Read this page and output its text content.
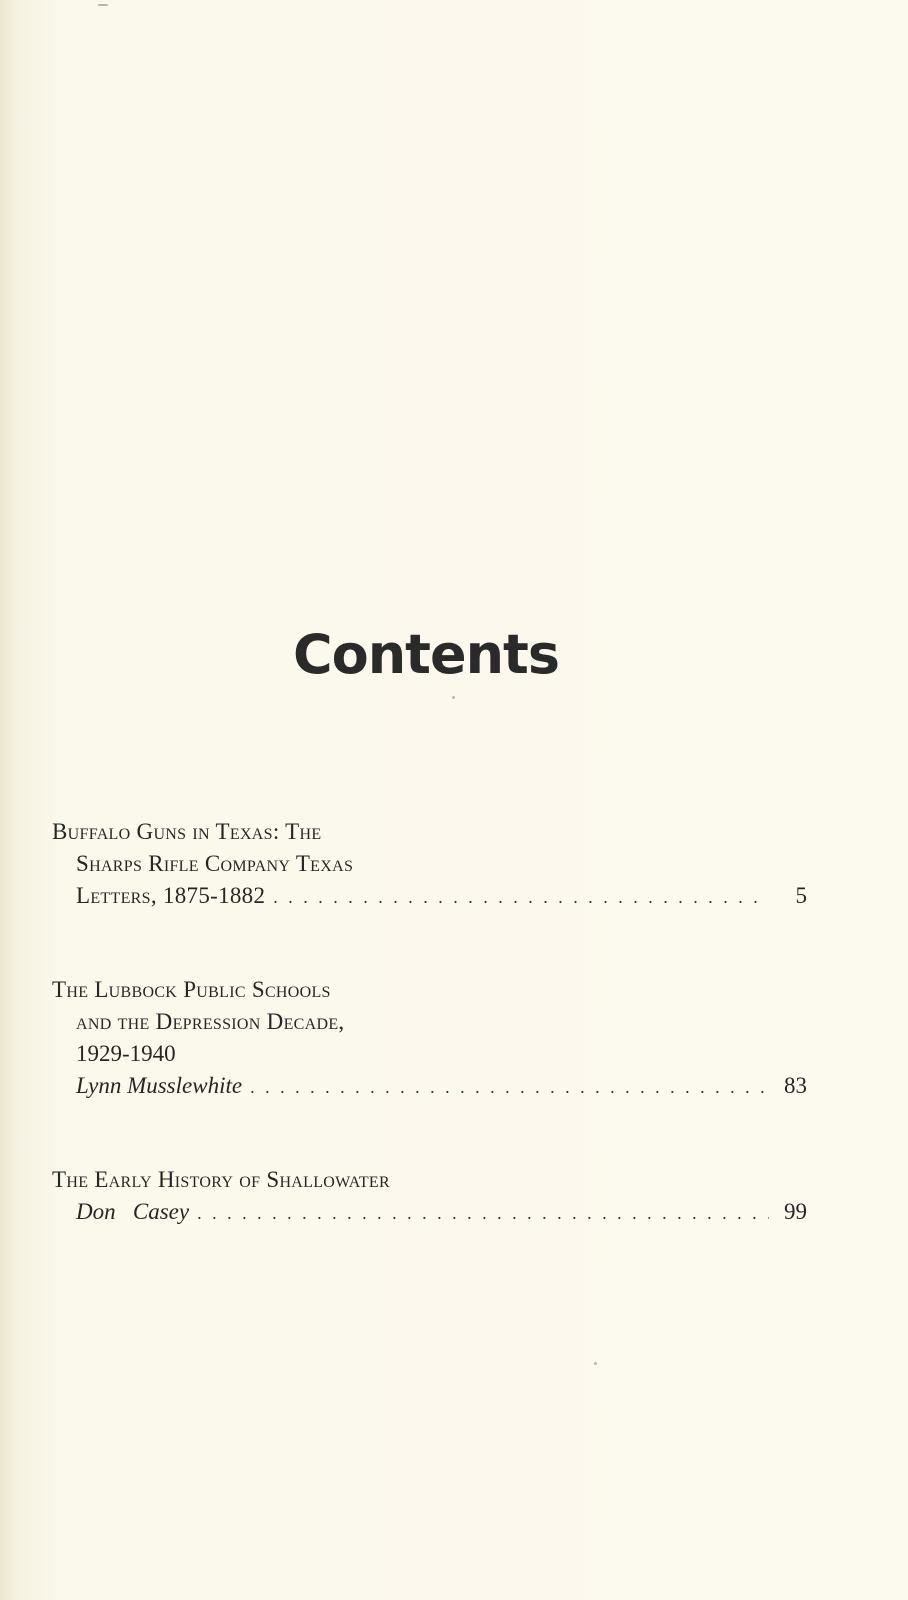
Contents
Buffalo Guns in Texas: The
Sharps Rifle Company Texas
Letters, 1875-1882 . . .	5
The Lubbock Public Schools
and the Depression Decade,
1929-1940
Lynn Musslewhite . . .	83
The Early History of Shallowater
Don   Casey . . .	99
